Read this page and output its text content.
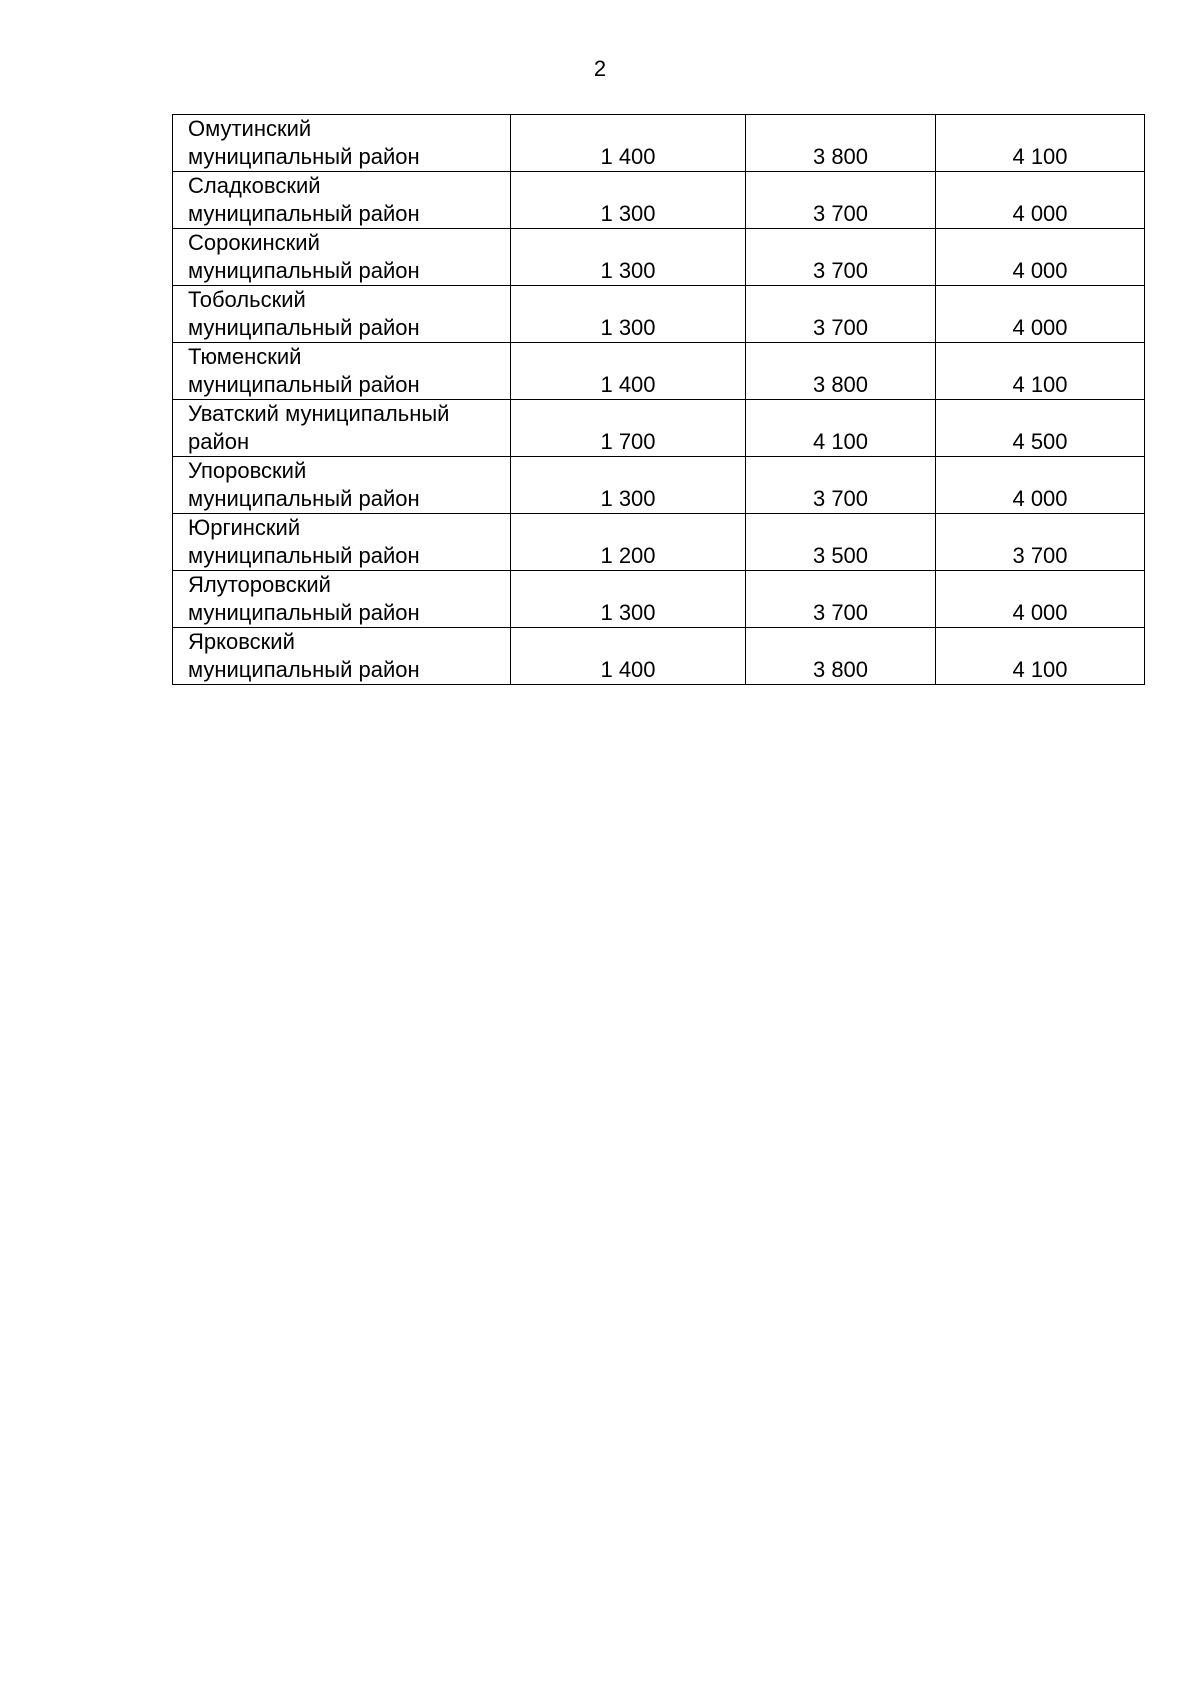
2
Омутинский
муниципальный район	1 400	3 800	4 100

Сладковский
муниципальный район	1 300	3 700	4 000

Сорокинский
муниципальный район	1 300	3 700	4 000

Тобольский
муниципальный район	1 300	3 700	4 000

Тюменский
муниципальный район	1 400	3 800	4 100

Уватский муниципальный
район	1 700	4 100	4 500

Упоровский
муниципальный район	1 300	3 700	4 000

Юргинский
муниципальный район	1 200	3 500	3 700

Ялуторовский
муниципальный район	1 300	3 700	4 000

Ярковский
муниципальный район	1 400	3 800	4 100
